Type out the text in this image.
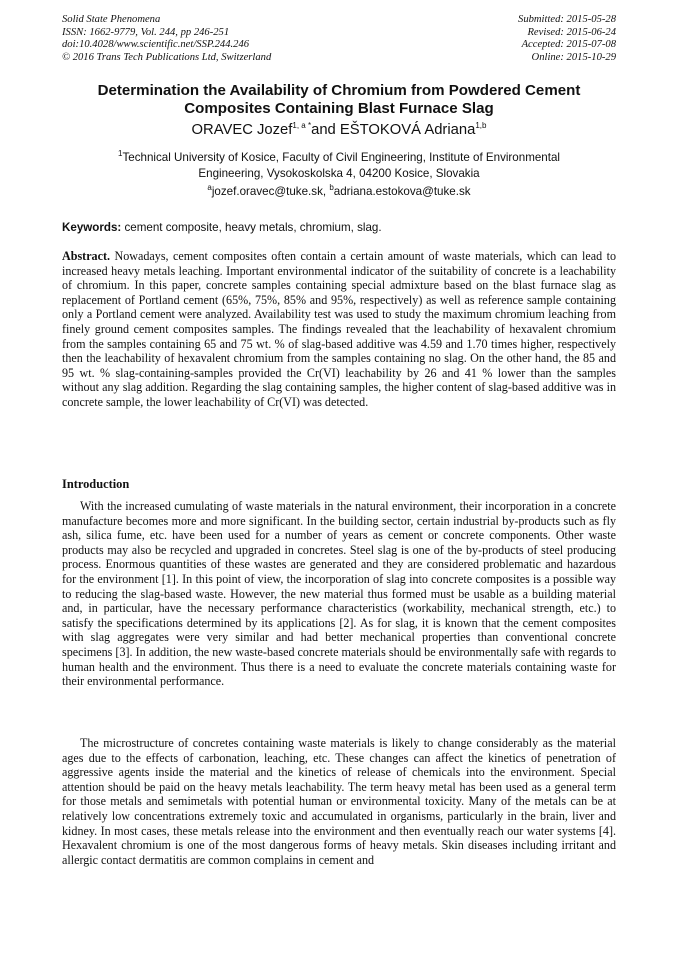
Solid State Phenomena
ISSN: 1662-9779, Vol. 244, pp 246-251
doi:10.4028/www.scientific.net/SSP.244.246
© 2016 Trans Tech Publications Ltd, Switzerland
Submitted: 2015-05-28
Revised: 2015-06-24
Accepted: 2015-07-08
Online: 2015-10-29
Determination the Availability of Chromium from Powdered Cement
Composites Containing Blast Furnace Slag
ORAVEC Jozef$^{1, a *}$and EŠTOKOVÁ Adriana$^{1,b}$
$^1$Technical University of Kosice, Faculty of Civil Engineering, Institute of Environmental
Engineering, Vysokoskolska 4, 04200 Kosice, Slovakia
$^a$jozef.oravec@tuke.sk, $^b$adriana.estokova@tuke.sk
Keywords: cement composite, heavy metals, chromium, slag.

Abstract. Nowadays, cement composites often contain a certain amount of waste materials, which can lead to increased heavy metals leaching. Important environmental indicator of the suitability of concrete is a leachability of chromium. In this paper, concrete samples containing special admixture based on the blast furnace slag as replacement of Portland cement (65%, 75%, 85% and 95%, respectively) as well as reference sample containing only a Portland cement were analyzed. Availability test was used to study the maximum chromium leaching from finely ground cement composites samples. The findings revealed that the leachability of hexavalent chromium from the samples containing 65 and 75 wt. % of slag-based additive was 4.59 and 1.70 times higher, respectively then the leachability of hexavalent chromium from the samples containing no slag. On the other hand, the 85 and 95 wt. % slag-containing-samples provided the Cr(VI) leachability by 26 and 41 % lower than the samples without any slag addition. Regarding the slag containing samples, the higher content of slag-based additive was in concrete sample, the lower leachability of Cr(VI) was detected.

Introduction

With the increased cumulating of waste materials in the natural environment, their incorporation in a concrete manufacture becomes more and more significant. In the building sector, certain industrial by-products such as fly ash, silica fume, etc. have been used for a number of years as cement or concrete components. Other waste products may also be recycled and upgraded in concretes. Steel slag is one of the by-products of steel producing process. Enormous quantities of these wastes are generated and they are considered problematic and hazardous for the environment [1]. In this point of view, the incorporation of slag into concrete composites is a possible way to reducing the slag-based waste. However, the new material thus formed must be usable as a building material and, in particular, have the necessary performance characteristics (workability, mechanical strength, etc.) to satisfy the specifications determined by its applications [2]. As for slag, it is known that the cement composites with slag aggregates were very similar and had better mechanical properties than conventional concrete specimens [3]. In addition, the new waste-based concrete materials should be environmentally safe with regards to human health and the environment. Thus there is a need to evaluate the concrete materials containing waste for their environmental performance.

The microstructure of concretes containing waste materials is likely to change considerably as the material ages due to the effects of carbonation, leaching, etc. These changes can affect the kinetics of penetration of aggressive agents inside the material and the kinetics of release of chemicals into the environment. Special attention should be paid on the heavy metals leachability. The term heavy metal has been used as a general term for those metals and semimetals with potential human or environmental toxicity. Many of the metals can be at relatively low concentrations extremely toxic and accumulated in organisms, particularly in the brain, liver and kidney. In most cases, these metals release into the environment and then eventually reach our water systems [4]. Hexavalent chromium is one of the most dangerous forms of heavy metals. Skin diseases including irritant and allergic contact dermatitis are common complains in cement and
